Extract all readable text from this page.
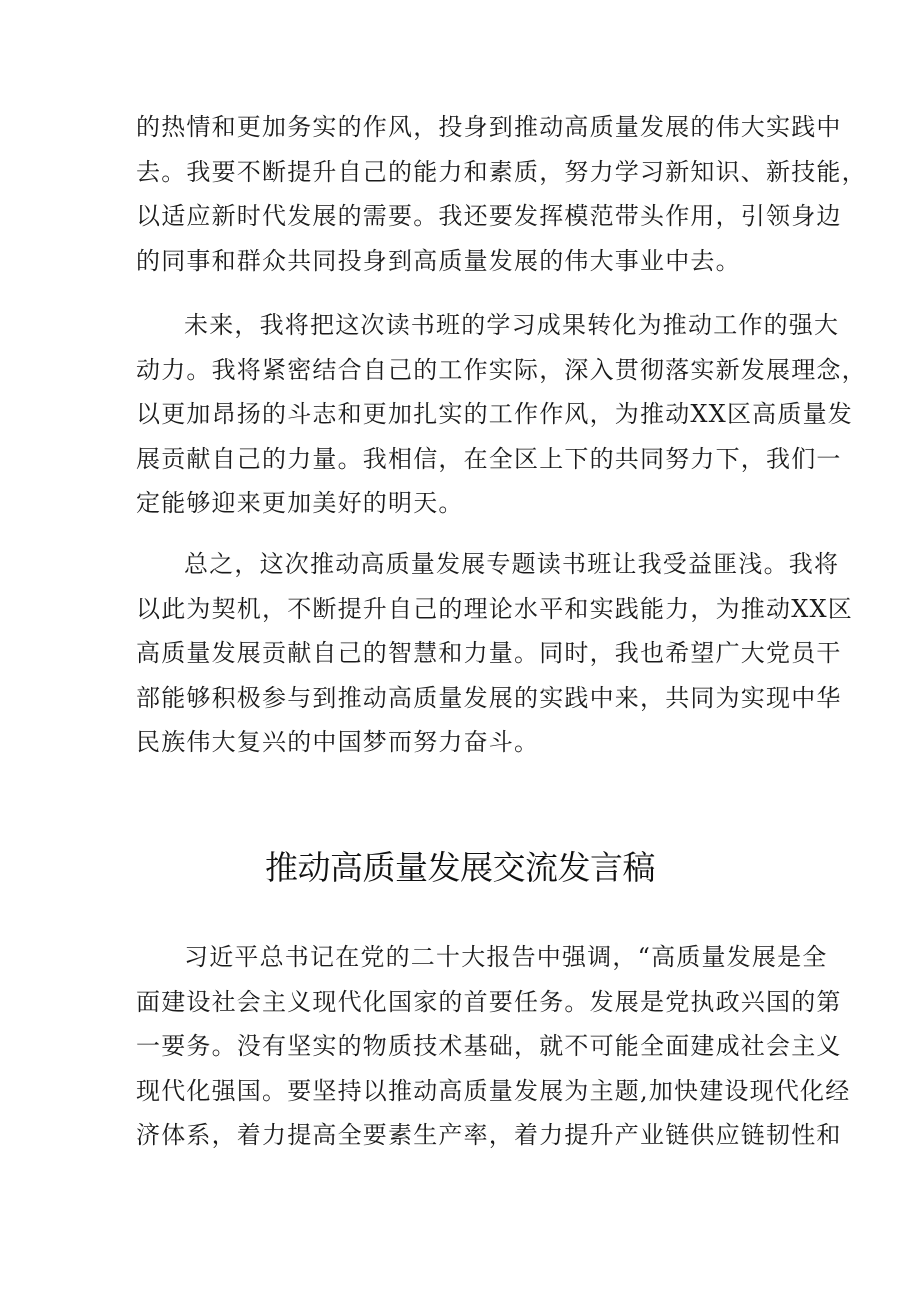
的热情和更加务实的作风，投身到推动高质量发展的伟大实践中
去。我要不断提升自己的能力和素质，努力学习新知识、新技能，
以适应新时代发展的需要。我还要发挥模范带头作用，引领身边
的同事和群众共同投身到高质量发展的伟大事业中去。
未来，我将把这次读书班的学习成果转化为推动工作的强大
动力。我将紧密结合自己的工作实际，深入贯彻落实新发展理念，
以更加昂扬的斗志和更加扎实的工作作风，为推动XX区高质量发
展贡献自己的力量。我相信，在全区上下的共同努力下，我们一
定能够迎来更加美好的明天。
总之，这次推动高质量发展专题读书班让我受益匪浅。我将
以此为契机，不断提升自己的理论水平和实践能力，为推动XX区
高质量发展贡献自己的智慧和力量。同时，我也希望广大党员干
部能够积极参与到推动高质量发展的实践中来，共同为实现中华
民族伟大复兴的中国梦而努力奋斗。
推动高质量发展交流发言稿
习近平总书记在党的二十大报告中强调，“高质量发展是全
面建设社会主义现代化国家的首要任务。发展是党执政兴国的第
一要务。没有坚实的物质技术基础，就不可能全面建成社会主义
现代化强国。要坚持以推动高质量发展为主题,加快建设现代化经
济体系，着力提高全要素生产率，着力提升产业链供应链韧性和
